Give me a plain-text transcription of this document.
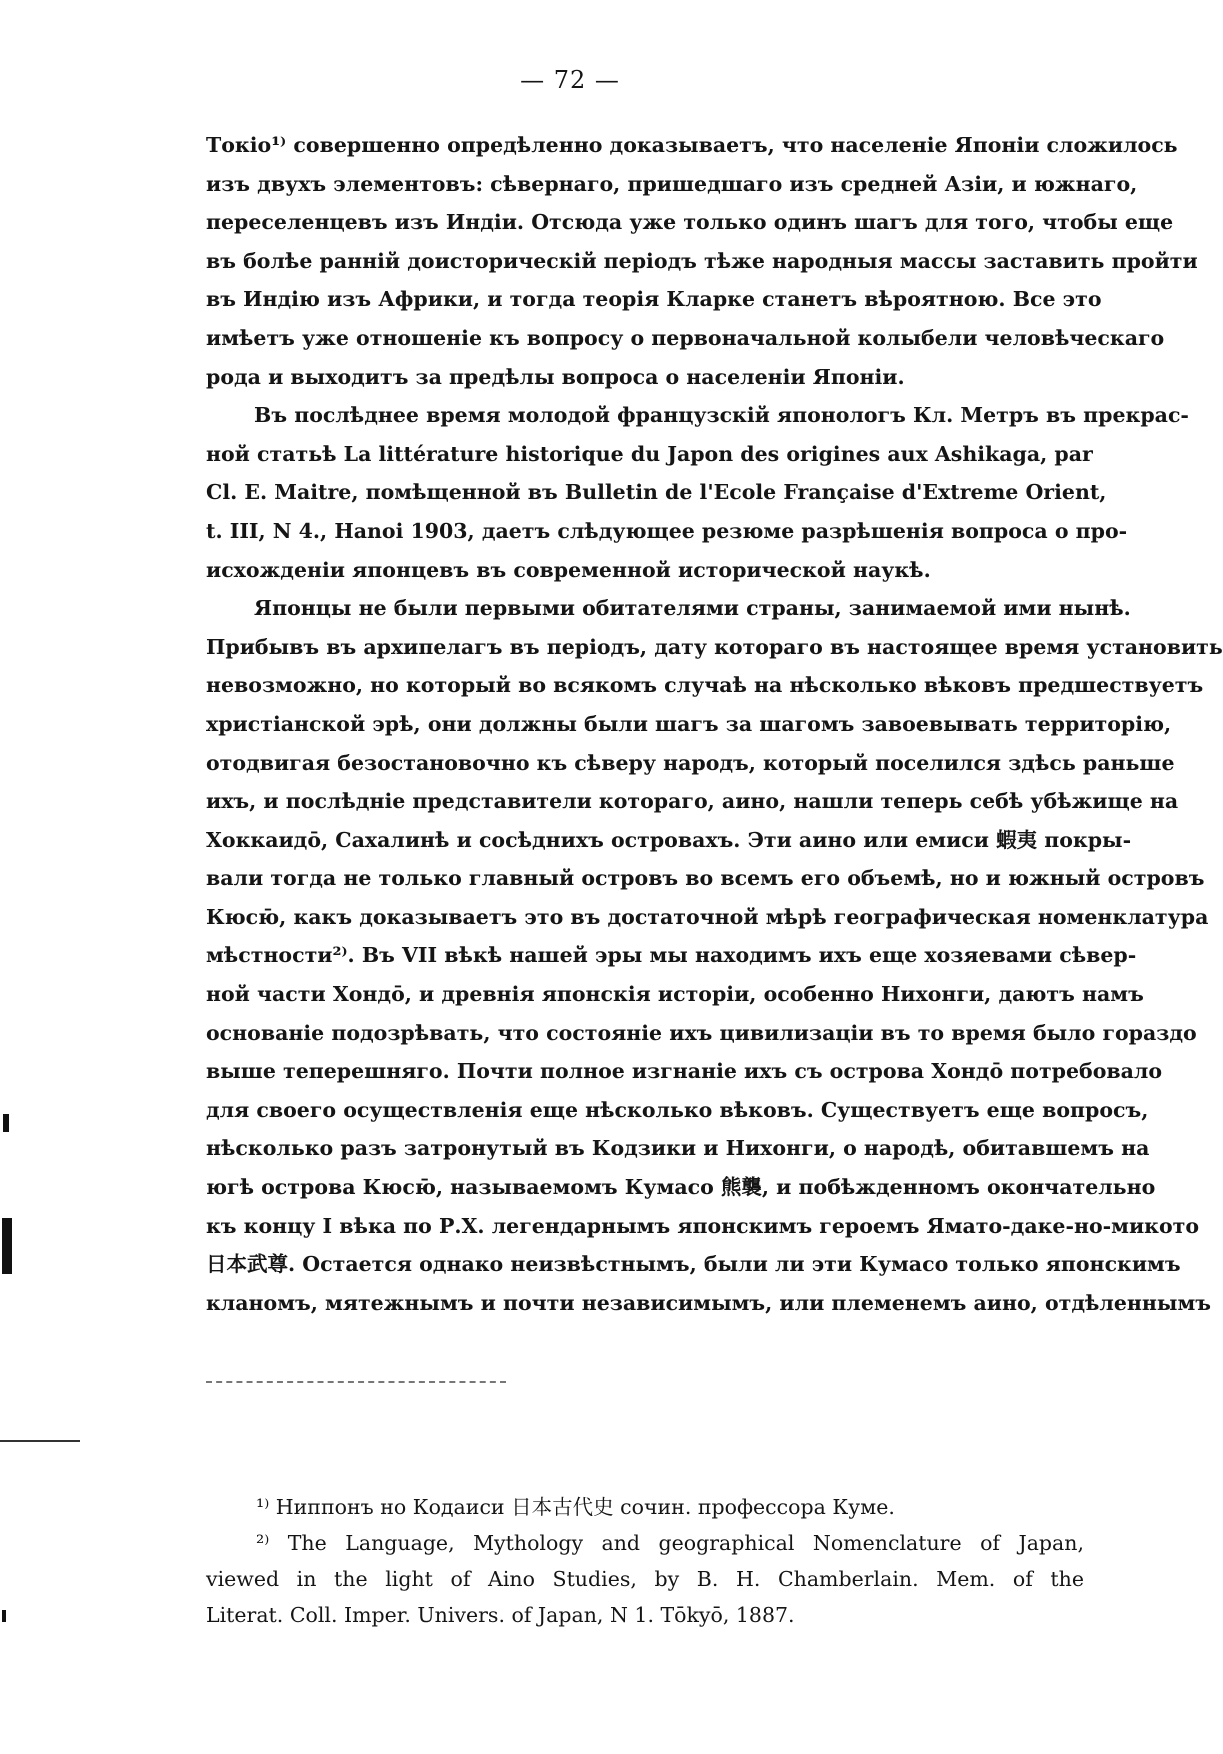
— 72 —
Токіо¹⁾ совершенно опредѣленно доказываетъ, что населеніе Японіи сложилось
изъ двухъ элементовъ: сѣвернаго, пришедшаго изъ средней Азіи, и южнаго,
переселенцевъ изъ Индіи. Отсюда уже только одинъ шагъ для того, чтобы еще
въ болѣе ранній доисторическій періодъ тѣже народныя массы заставить пройти
въ Индію изъ Африки, и тогда теорія Кларке станетъ вѣроятною. Все это
имѣетъ уже отношеніе къ вопросу о первоначальной колыбели человѣческаго
рода и выходитъ за предѣлы вопроса о населеніи Японіи.
Въ послѣднее время молодой французскій японологъ Кл. Метръ въ прекрас-
ной статьѣ La littérature historique du Japon des origines aux Ashikaga, par
Cl. E. Maitre, помѣщенной въ Bulletin de l'Ecole Française d'Extreme Orient,
t. III, N 4., Hanoi 1903, даетъ слѣдующее резюме разрѣшенія вопроса о про-
исхожденіи японцевъ въ современной исторической наукѣ.
Японцы не были первыми обитателями страны, занимаемой ими нынѣ.
Прибывъ въ архипелагъ въ періодъ, дату котораго въ настоящее время установить
невозможно, но который во всякомъ случаѣ на нѣсколько вѣковъ предшествуетъ
христіанской эрѣ, они должны были шагъ за шагомъ завоевывать территорію,
отодвигая безостановочно къ сѣверу народъ, который поселился здѣсь раньше
ихъ, и послѣдніе представители котораго, аино, нашли теперь себѣ убѣжище на
Хоккаидō, Сахалинѣ и сосѣднихъ островахъ. Эти аино или емиси 蝦夷 покры-
вали тогда не только главный островъ во всемъ его объемѣ, но и южный островъ
Кюсю̄, какъ доказываетъ это въ достаточной мѣрѣ географическая номенклатура
мѣстности²⁾. Въ VII вѣкѣ нашей эры мы находимъ ихъ еще хозяевами сѣвер-
ной части Хондō, и древнія японскія исторіи, особенно Нихонги, даютъ намъ
основаніе подозрѣвать, что состояніе ихъ цивилизаціи въ то время было гораздо
выше теперешняго. Почти полное изгнаніе ихъ съ острова Хондō потребовало
для своего осуществленія еще нѣсколько вѣковъ. Существуетъ еще вопросъ,
нѣсколько разъ затронутый въ Кодзики и Нихонги, о народѣ, обитавшемъ на
югѣ острова Кюсю̄, называемомъ Кумасо 熊襲, и побѣжденномъ окончательно
къ концу I вѣка по Р.Х. легендарнымъ японскимъ героемъ Ямато-даке-но-микото
日本武尊. Остается однако неизвѣстнымъ, были ли эти Кумасо только японскимъ
кланомъ, мятежнымъ и почти независимымъ, или племенемъ аино, отдѣленнымъ
¹⁾ Ниппонъ но Кодаиси 日本古代史 сочин. профессора Куме.
²⁾ The Language, Mythology and geographical Nomenclature of Japan,
viewed in the light of Aino Studies, by B. H. Chamberlain. Mem. of the
Literat. Coll. Imper. Univers. of Japan, N 1. Tōkyō, 1887.
